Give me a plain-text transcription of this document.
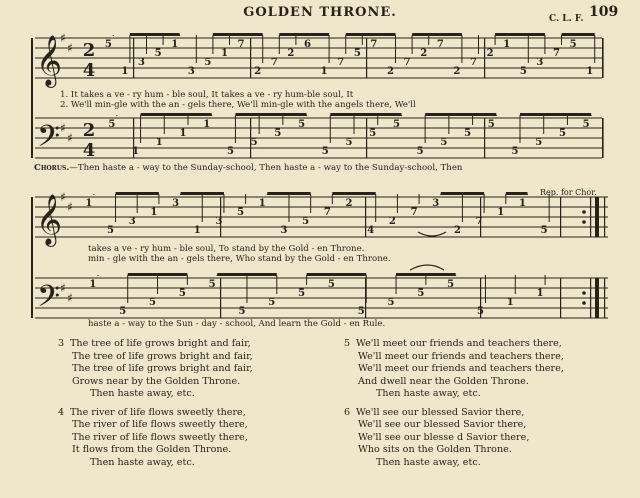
GOLDEN THRONE.	C. L. F. 109
𝄞
𝄢
♯
♯
♯
♯
2
4
2
4
5
1
3
5
1
3
5
1
7
2
7
2
6
1
7
5
7
2
7
2
7
2
7
2
1
5
3
7
5
1
5
1
1
1
1
5
5
5
5
5
5
5
5
5
5
5
5
5
5
5
5
𝄞
𝄢
♯
♯
♯
♯
1
5
3
1
3
1
3
5
1
3
5
7
2
4
2
7
3
2
7
1
1
5
1
5
5
5
5
5
5
5
5
5
5
5
5
5
1
1
1. It takes a ve - ry hum - ble soul, It takes a ve - ry hum-ble soul, It
2. We'll min-gle with the an - gels there, We'll min-gle with the angels there, We'll
Chorus.—Then haste a - way to the Sunday-school, Then haste a - way to the Sunday-school, Then
Rep. for Chor.
takes a ve - ry hum - ble soul, To stand by the Gold - en Throne.
min - gle with the an - gels there, Who stand by the Gold - en Throne.
haste a - way to the Sun - day - school, And learn the Gold - en Rule.
3 The tree of life grows bright and fair,
The tree of life grows bright and fair,
The tree of life grows bright and fair,
Grows near by the Golden Throne.
Then haste away, etc.
4 The river of life flows sweetly there,
The river of life flows sweetly there,
The river of life flows sweetly there,
It flows from the Golden Throne.
Then haste away, etc.
5 We'll meet our friends and teachers there,
We'll meet our friends and teachers there,
We'll meet our friends and teachers there,
And dwell near the Golden Throne.
Then haste away, etc.
6 We'll see our blessed Savior there,
We'll see our blessed Savior there,
We'll see our blesse d Savior there,
Who sits on the Golden Throne.
Then haste away, etc.
